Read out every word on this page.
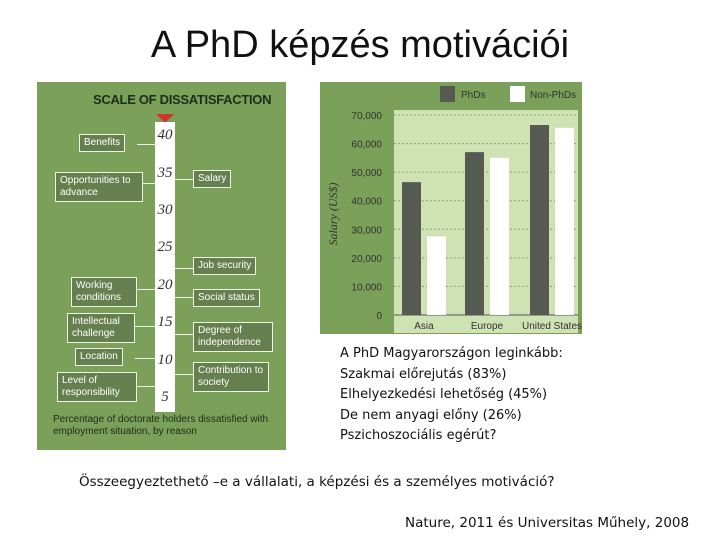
A PhD képzés motivációi
SCALE OF DISSATISFACTION
40
35
30
25
20
15
10
5
Benefits
Opportunities to advance
Salary
Job security
Working conditions	Social status
Intellectual challenge	Degree of independence
Location
Contribution to society
Level of responsibility
Percentage of doctorate holders dissatisfied with employment situation, by reason
0
10,000
20,000
30,000
40,000
50,000
60,000
70,000
Asia	Europe United States
Salary (US$)
PhDs	Non-PhDs
A PhD Magyarországon leginkább:
Szakmai előrejutás (83%)
Elhelyezkedési lehetőség (45%)
De nem anyagi előny (26%)
Pszichoszociális egérút?
Összeegyeztethető –e a vállalati, a képzési és a személyes motiváció?
Nature, 2011 és Universitas Műhely, 2008
